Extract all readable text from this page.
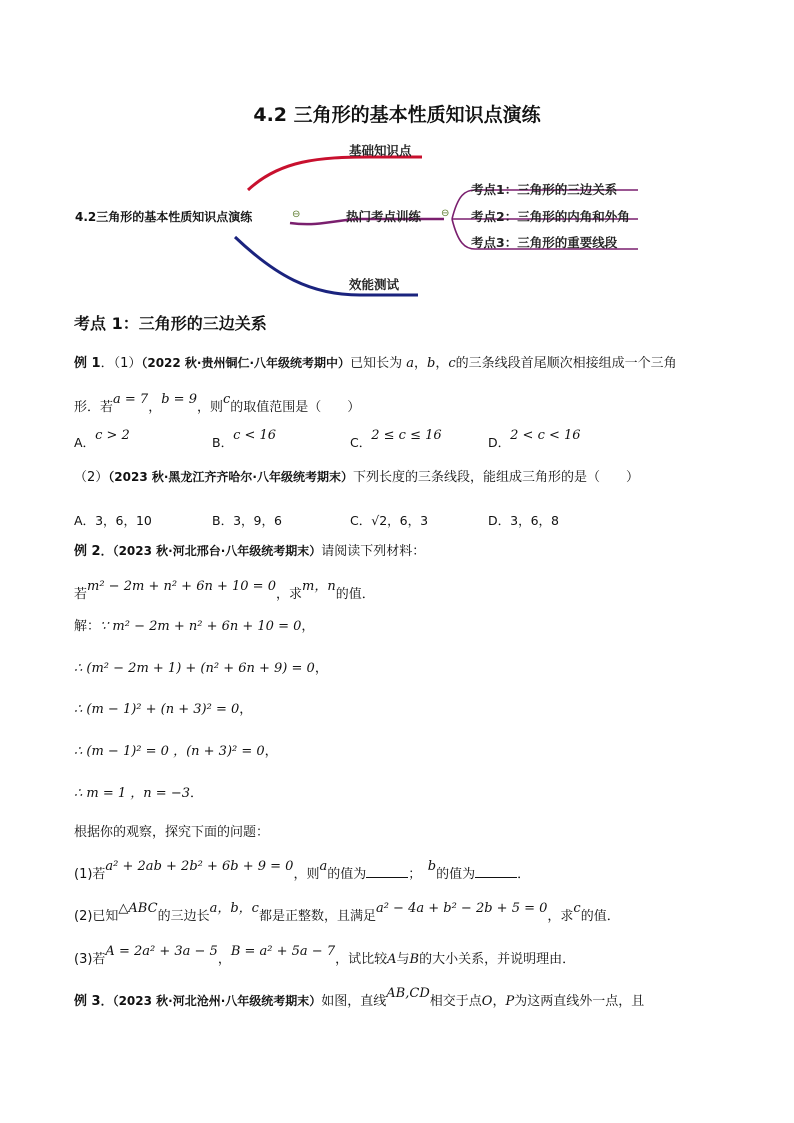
4.2 三角形的基本性质知识点演练
基础知识点
4.2三角形的基本性质知识点演练	⊖	热门考点训练 ⊖
考点1：三角形的三边关系
考点2：三角形的内角和外角
考点3：三角形的重要线段
效能测试
考点 1：三角形的三边关系
例 1．（1）（2022 秋·贵州铜仁·八年级统考期中）已知长为 a，b，c的三条线段首尾顺次相接组成一个三角
形．若a = 7，b = 9，则c的取值范围是（　　）
A．c > 2	B．c < 16	C．2 ≤ c ≤ 16	D．2 < c < 16
（2）（2023 秋·黑龙江齐齐哈尔·八年级统考期末）下列长度的三条线段，能组成三角形的是（　　）
A．3，6，10	B．3，9，6	C．√2，6，3	D．3，6，8
例 2．（2023 秋·河北邢台·八年级统考期末）请阅读下列材料：
若m² − 2m + n² + 6n + 10 = 0，求m，n的值．
解：∵ m² − 2m + n² + 6n + 10 = 0，
∴ (m² − 2m + 1) + (n² + 6n + 9) = 0，
∴ (m − 1)² + (n + 3)² = 0，
∴ (m − 1)² = 0 ，(n + 3)² = 0，
∴ m = 1 ，n = −3．
根据你的观察，探究下面的问题：
(1)若a² + 2ab + 2b² + 6b + 9 = 0，则a的值为	；　b的值为	．
(2)已知△ABC的三边长a，b，c都是正整数，且满足a² − 4a + b² − 2b + 5 = 0，求c的值．
(3)若A = 2a² + 3a − 5，B = a² + 5a − 7，试比较A与B的大小关系，并说明理由．
例 3．（2023 秋·河北沧州·八年级统考期末）如图，直线AB,CD相交于点O，P为这两直线外一点，且
